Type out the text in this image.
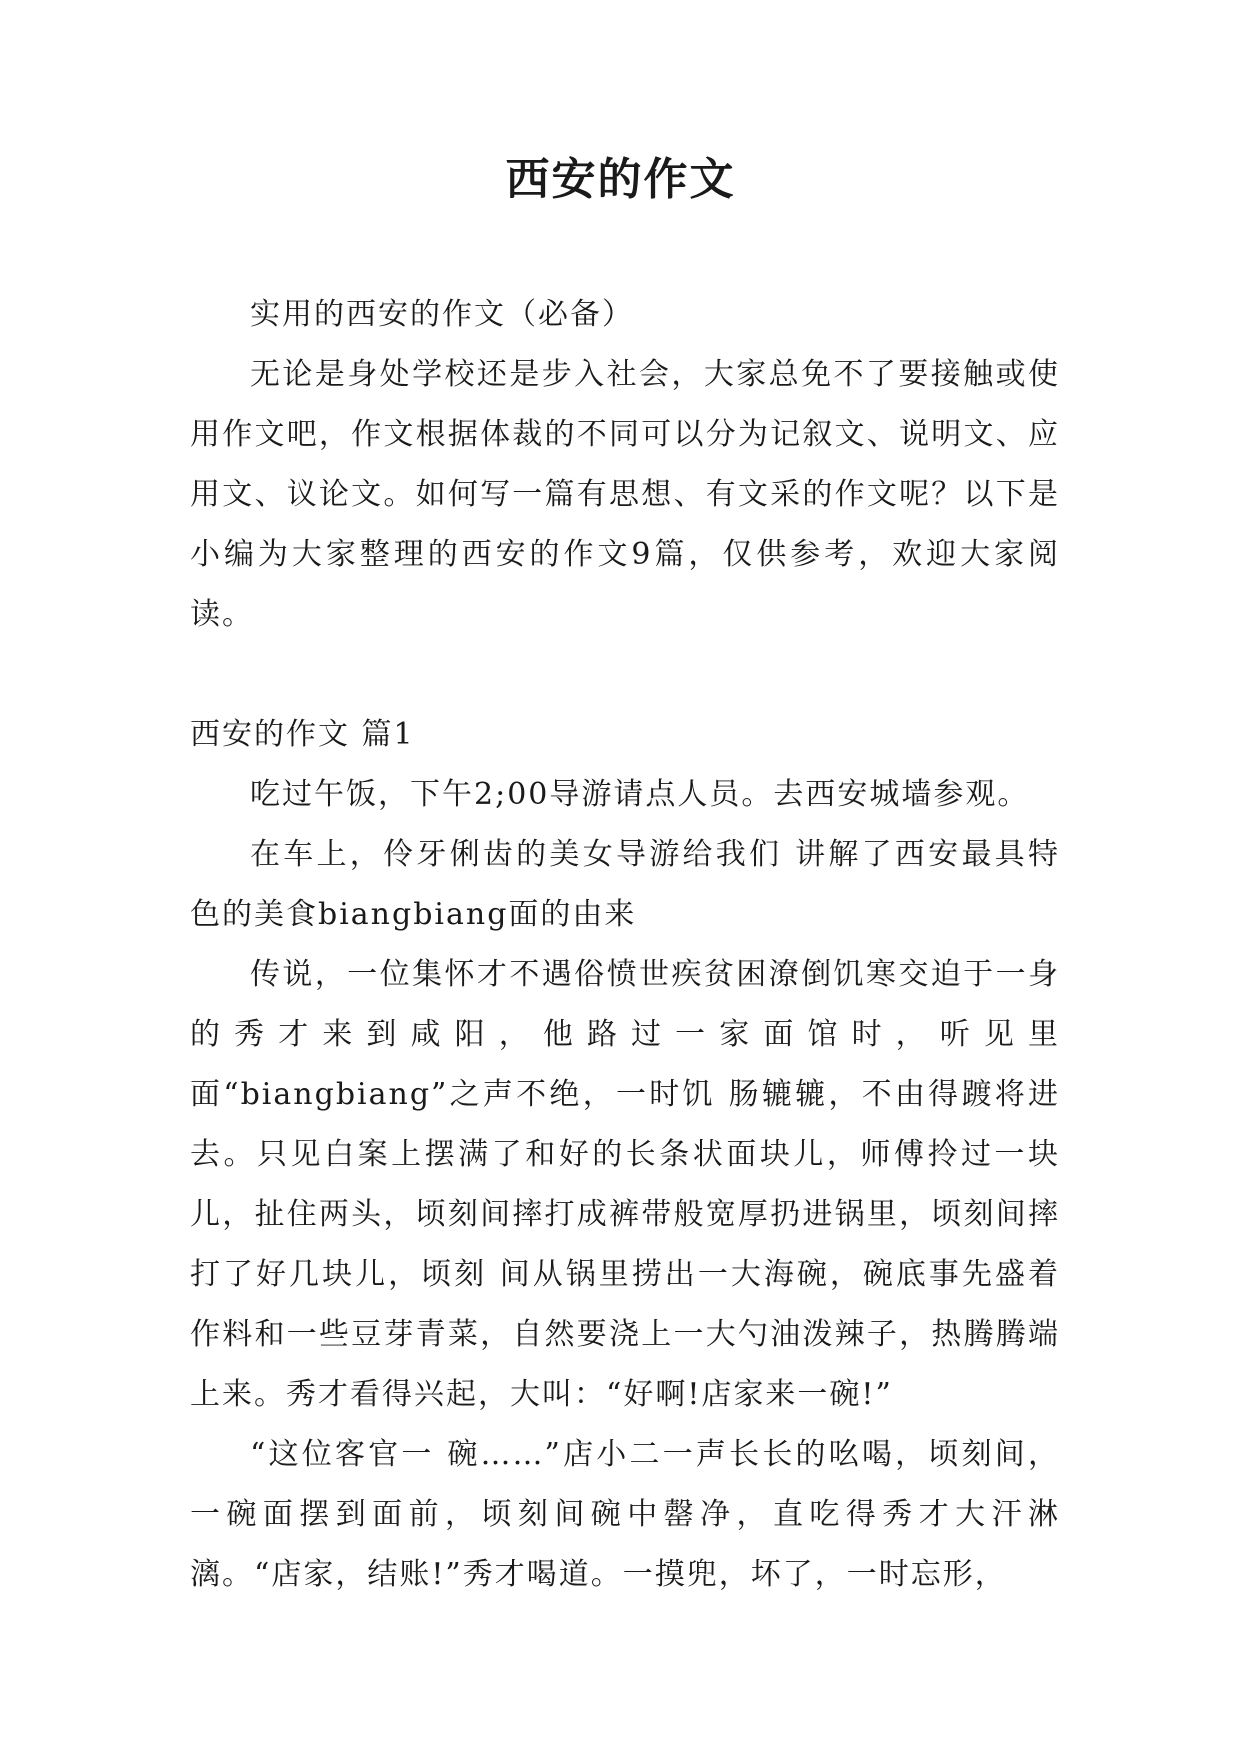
西安的作文

实用的西安的作文（必备）

无论是身处学校还是步入社会，大家总免不了要接触或使用作文吧，作文根据体裁的不同可以分为记叙文、说明文、应用文、议论文。如何写一篇有思想、有文采的作文呢？以下是小编为大家整理的西安的作文9篇，仅供参考，欢迎大家阅读。

西安的作文 篇1

吃过午饭，下午2;00导游请点人员。去西安城墙参观。

在车上，伶牙俐齿的美女导游给我们 讲解了西安最具特色的美食biangbiang面的由来

传说，一位集怀才不遇俗愤世疾贫困潦倒饥寒交迫于一身的秀才来到咸阳，他路过一家面馆时，听见里面“biangbiang”之声不绝，一时饥 肠辘辘，不由得踱将进去。只见白案上摆满了和好的长条状面块儿，师傅拎过一块儿，扯住两头，顷刻间摔打成裤带般宽厚扔进锅里，顷刻间摔打了好几块儿，顷刻 间从锅里捞出一大海碗，碗底事先盛着作料和一些豆芽青菜，自然要浇上一大勺油泼辣子，热腾腾端上来。秀才看得兴起，大叫：“好啊!店家来一碗!”

“这位客官一 碗……”店小二一声长长的吆喝，顷刻间，一碗面摆到面前，顷刻间碗中罄净，直吃得秀才大汗淋漓。“店家，结账!”秀才喝道。一摸兜，坏了，一时忘形，
